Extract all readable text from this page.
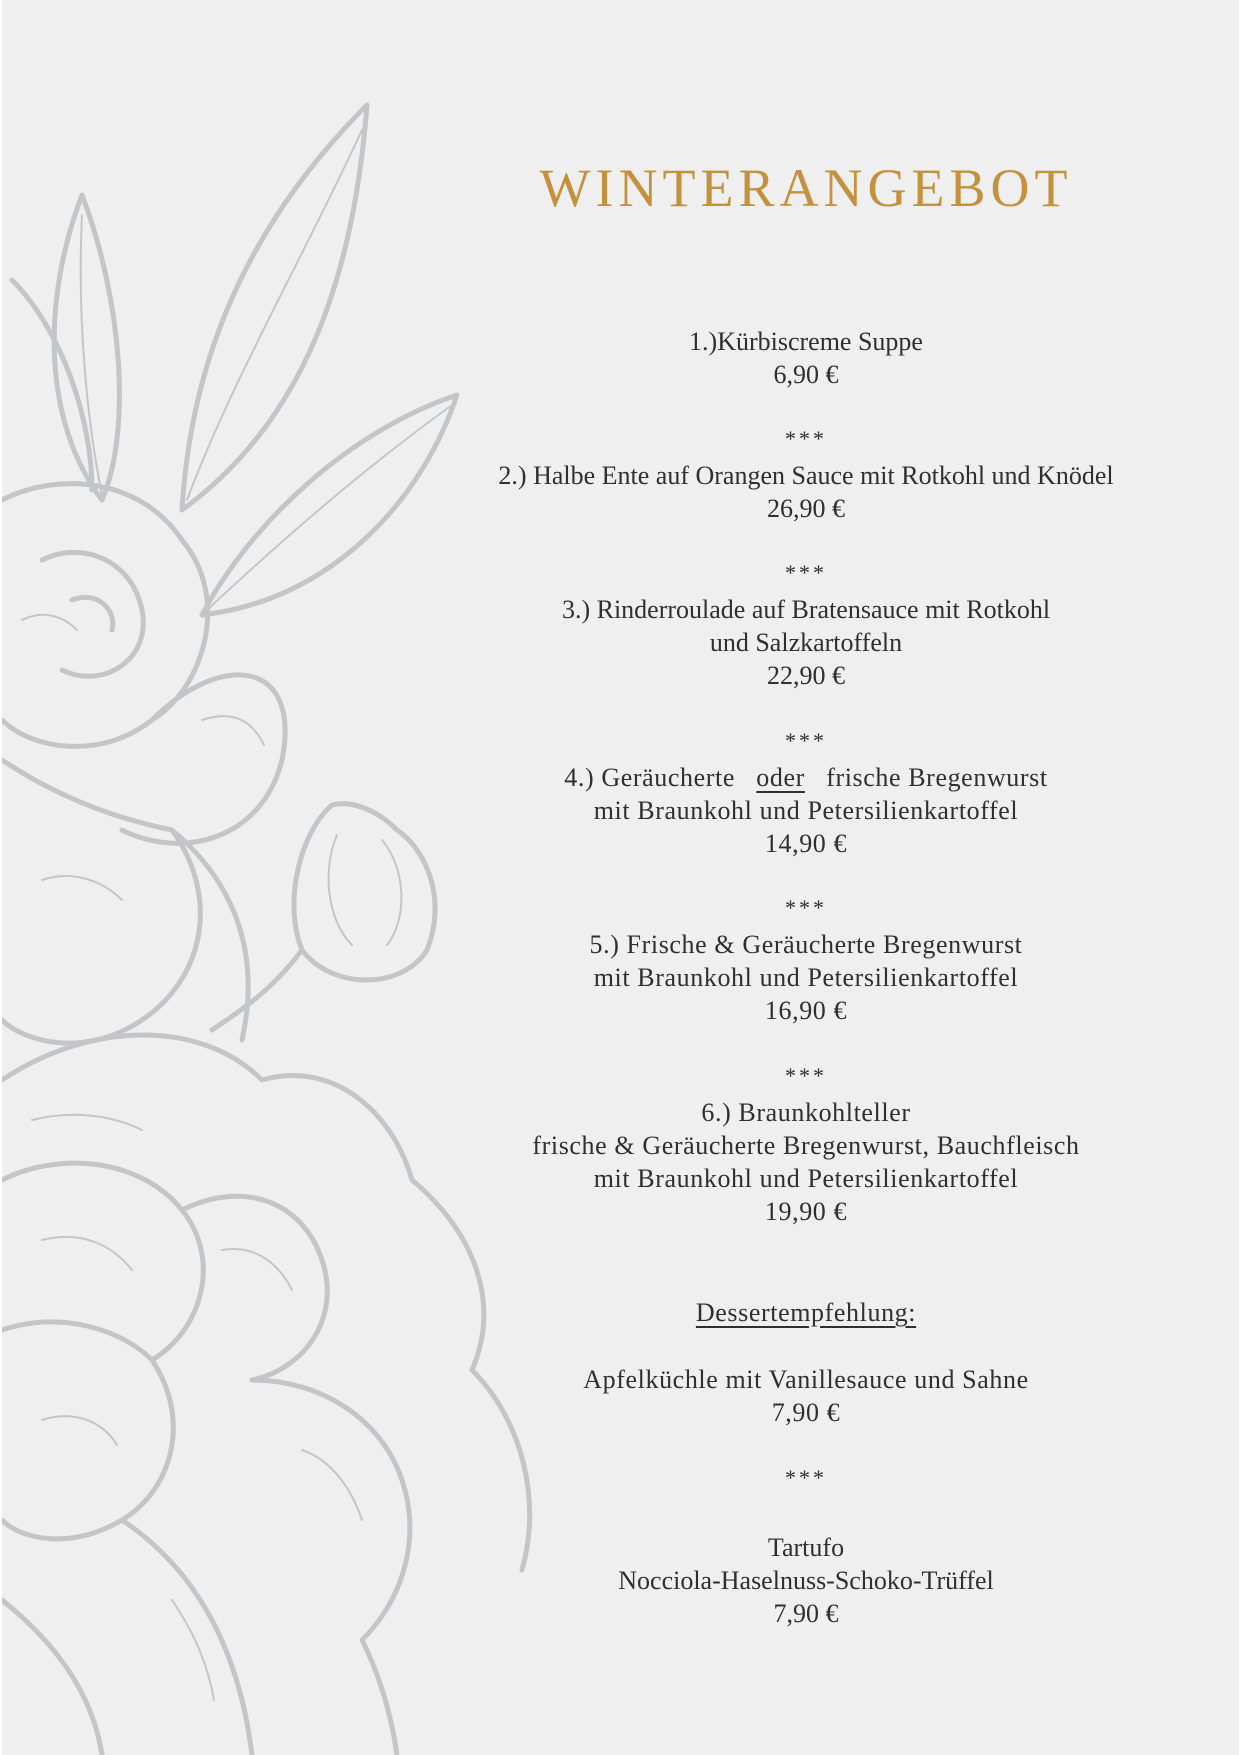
WINTERANGEBOT
1.)Kürbiscreme Suppe
6,90 €
***
2.) Halbe Ente auf Orangen Sauce mit Rotkohl und Knödel
26,90 €
***
3.) Rinderroulade auf Bratensauce mit Rotkohl
und Salzkartoffeln
22,90 €
***
4.) Geräucherte oder frische Bregenwurst
mit Braunkohl und Petersilienkartoffel
14,90 €
***
5.) Frische & Geräucherte Bregenwurst
mit Braunkohl und Petersilienkartoffel
16,90 €
***
6.) Braunkohlteller
frische & Geräucherte Bregenwurst, Bauchfleisch
mit Braunkohl und Petersilienkartoffel
19,90 €
Dessertempfehlung:
Apfelküchle mit Vanillesauce und Sahne
7,90 €
***
Tartufo
Nocciola-Haselnuss-Schoko-Trüffel
7,90 €
